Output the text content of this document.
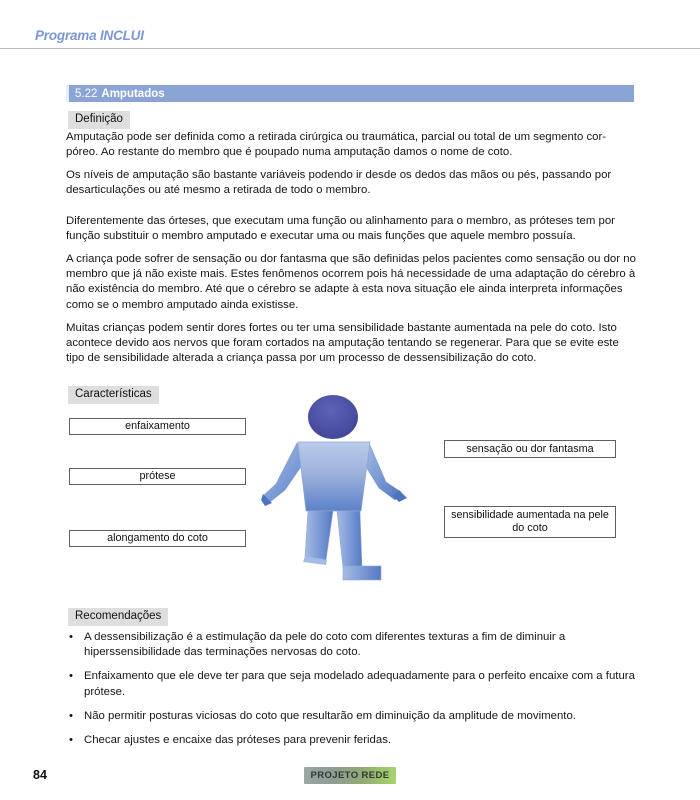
Programa INCLUI
5.22 Amputados
Definição
Amputação pode ser definida como a retirada cirúrgica ou traumática, parcial ou total de um segmento cor-póreo. Ao restante do membro que é poupado numa amputação damos o nome de coto.
Os níveis de amputação são bastante variáveis podendo ir desde os dedos das mãos ou pés, passando por desarticulações ou até mesmo a retirada de todo o membro.
Diferentemente das órteses, que executam uma função ou alinhamento para o membro, as próteses tem por função substituir o membro amputado e executar uma ou mais funções que aquele membro possuía.
A criança pode sofrer de sensação ou dor fantasma que são definidas pelos pacientes como sensação ou dor no membro que já não existe mais. Estes fenômenos ocorrem pois há necessidade de uma adaptação do cérebro à não existência do membro. Até que o cérebro se adapte à esta nova situação ele ainda interpreta informações como se o membro amputado ainda existisse.
Muitas crianças podem sentir dores fortes ou ter uma sensibilidade bastante aumentada na pele do coto. Isto acontece devido aos nervos que foram cortados na amputação tentando se regenerar. Para que se evite este tipo de sensibilidade alterada a criança passa por um processo de dessensibilização do coto.
Características
enfaixamento
prótese
alongamento do coto
sensação ou dor fantasma
sensibilidade aumentada na pele do coto
Recomendações
• A dessensibilização é a estimulação da pele do coto com diferentes texturas a fim de diminuir a hiperssensibilidade das terminações nervosas do coto.
• Enfaixamento que ele deve ter para que seja modelado adequadamente para o perfeito encaixe com a futura prótese.
• Não permitir posturas viciosas do coto que resultarão em diminuição da amplitude de movimento.
• Checar ajustes e encaixe das próteses para prevenir feridas.
84	PROJETO REDE
